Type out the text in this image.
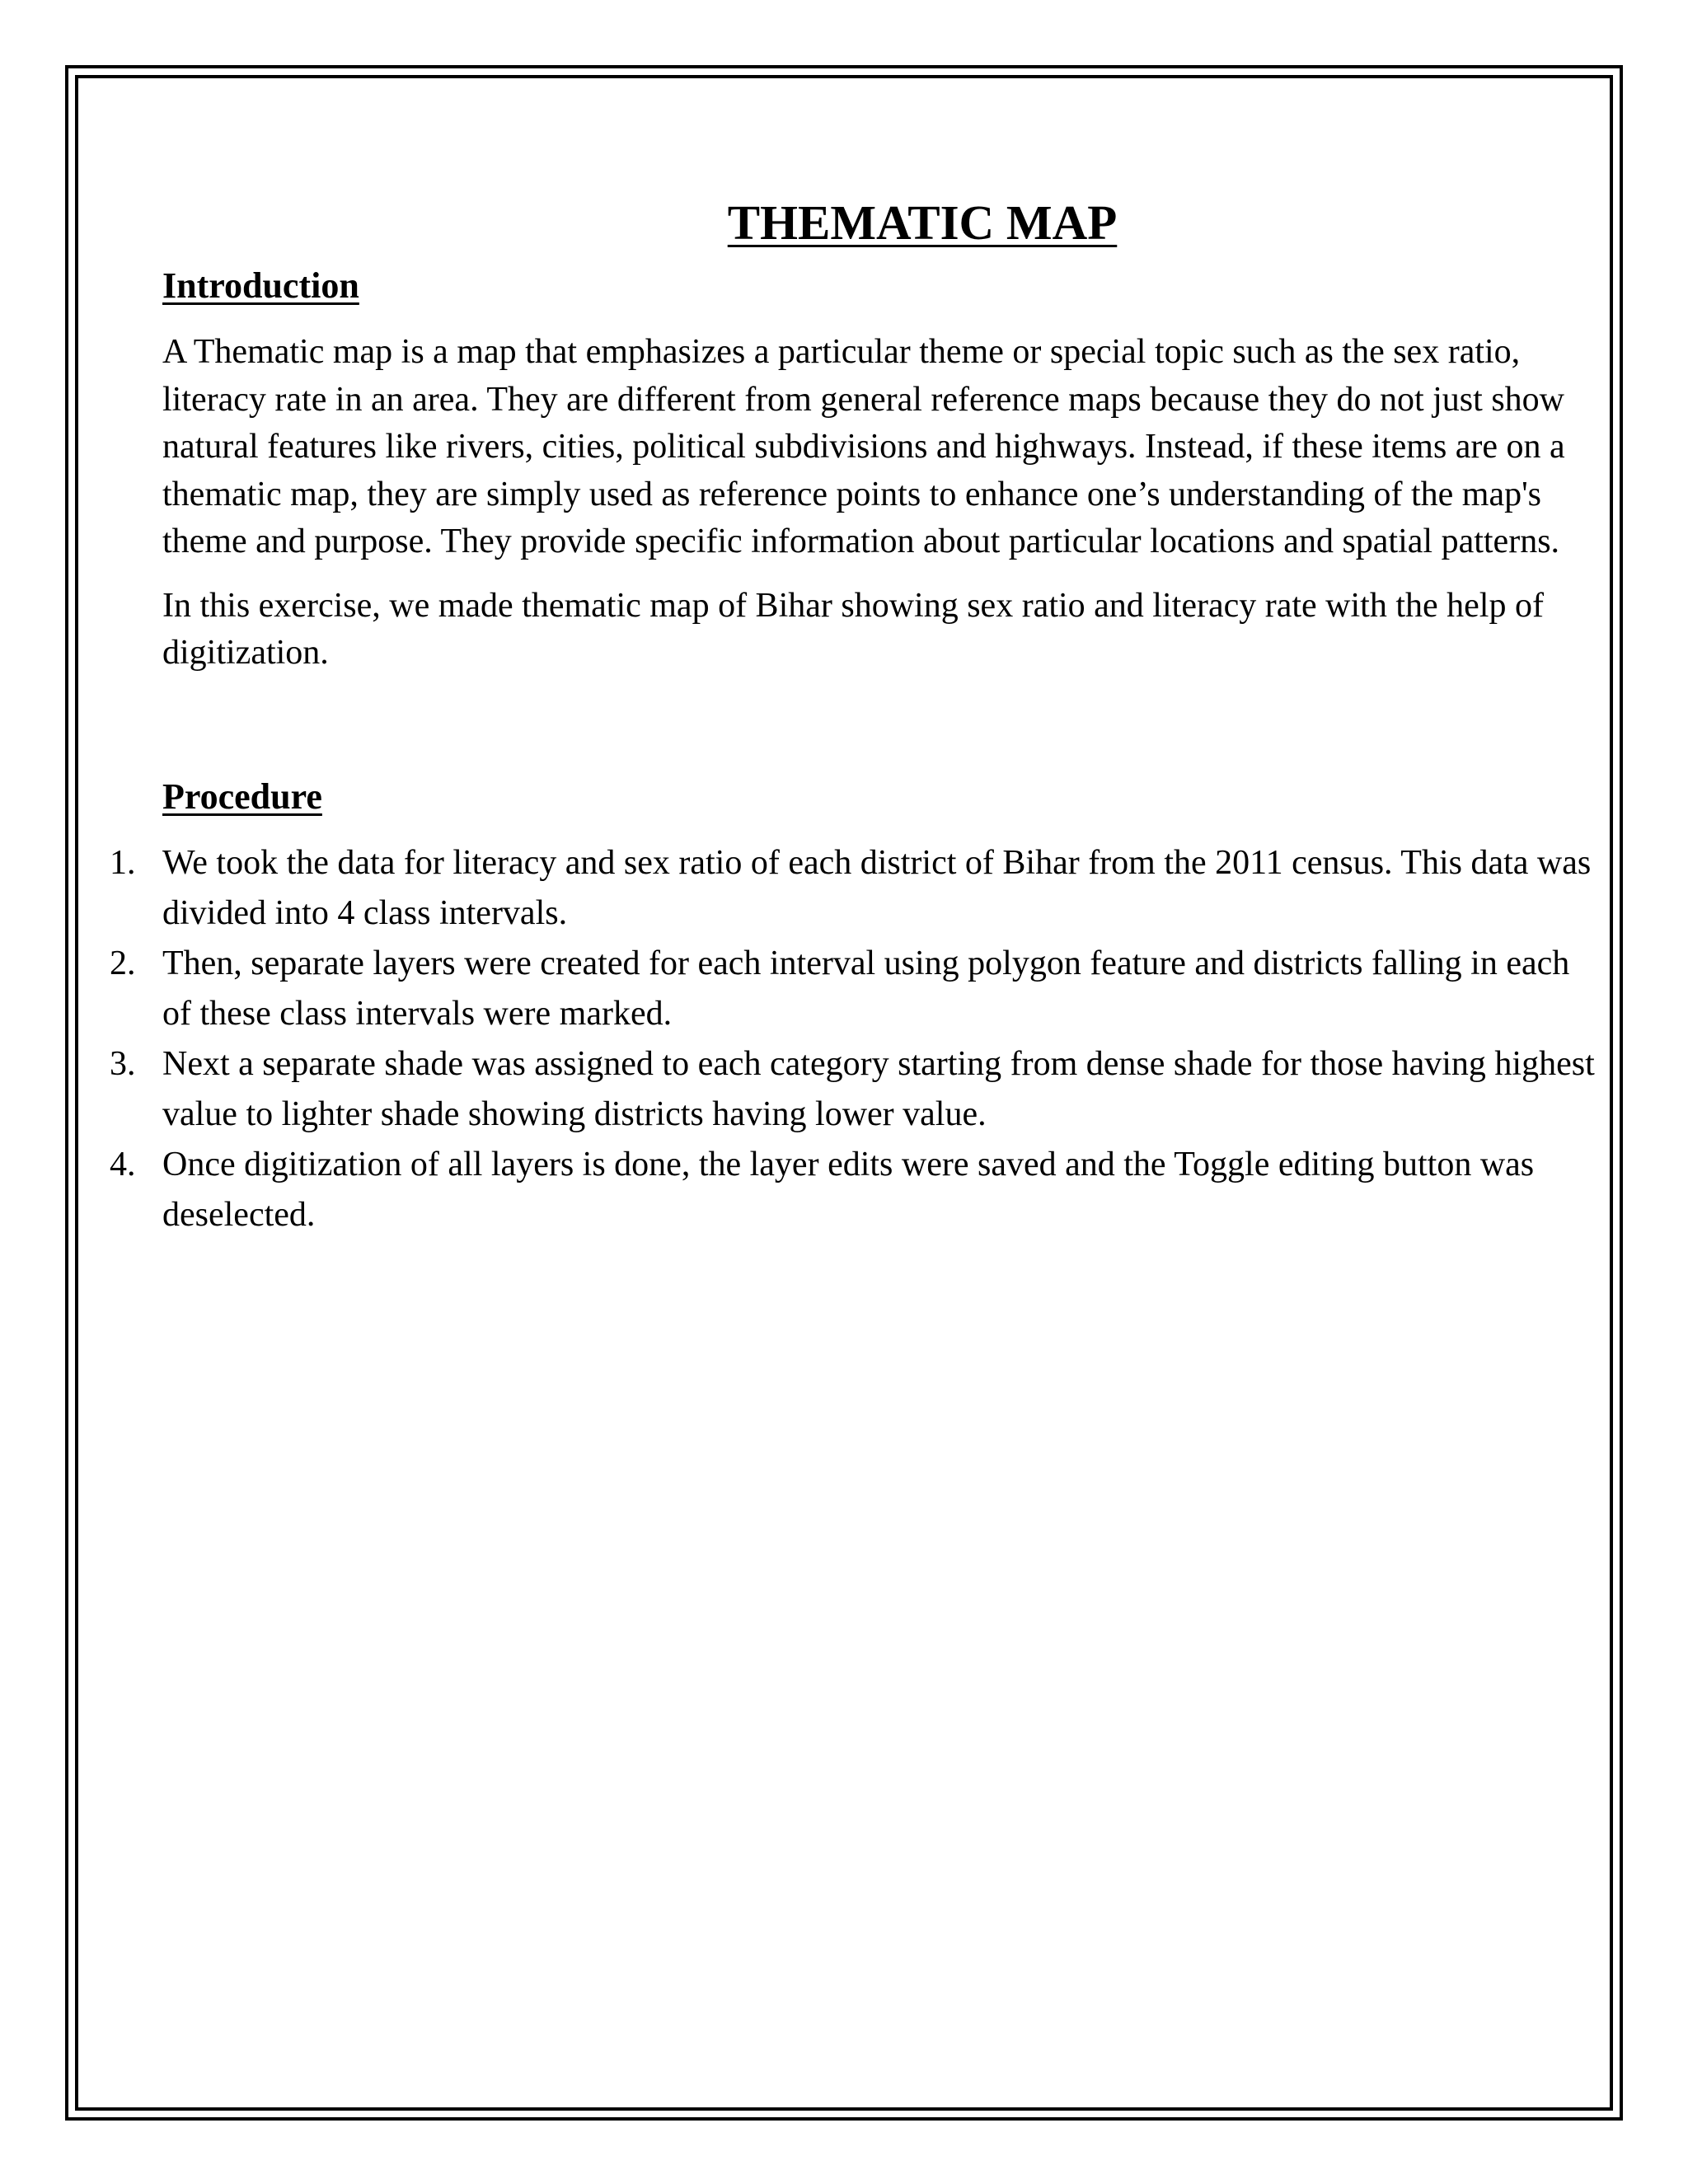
THEMATIC MAP
Introduction

A Thematic map is a map that emphasizes a particular theme or special topic such as the sex ratio, literacy rate in an area. They are different from general reference maps because they do not just show natural features like rivers, cities, political subdivisions and highways. Instead, if these items are on a thematic map, they are simply used as reference points to enhance one’s understanding of the map's theme and purpose. They provide specific information about particular locations and spatial patterns.

In this exercise, we made thematic map of Bihar showing sex ratio and literacy rate with the help of digitization.

Procedure
1. We took the data for literacy and sex ratio of each district of Bihar from the 2011 census. This data was divided into 4 class intervals.
2. Then, separate layers were created for each interval using polygon feature and districts falling in each of these class intervals were marked.
3. Next a separate shade was assigned to each category starting from dense shade for those having highest value to lighter shade showing districts having lower value.
4. Once digitization of all layers is done, the layer edits were saved and the Toggle editing button was deselected.
